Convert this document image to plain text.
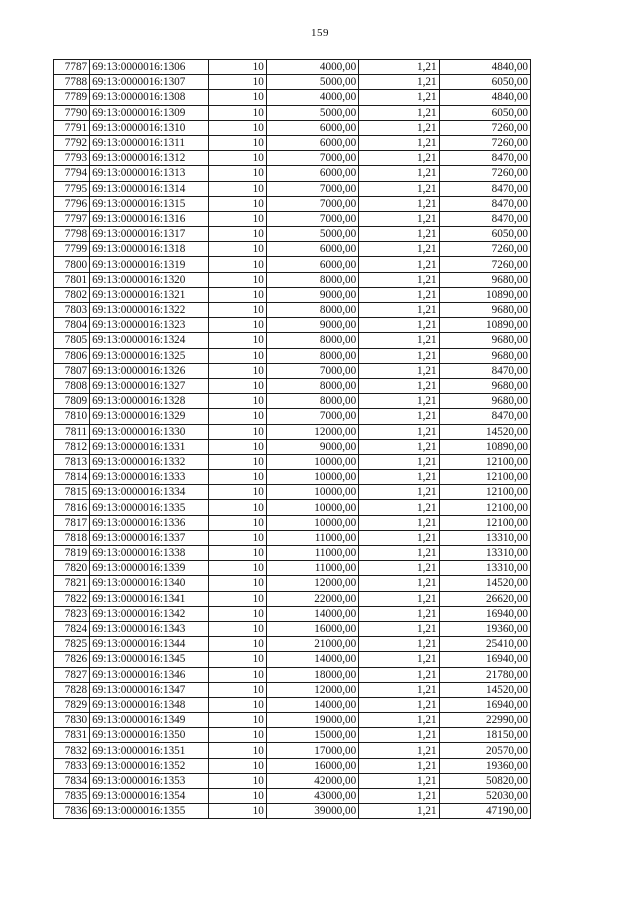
159
7787	69:13:0000016:1306	10	4000,00	1,21	4840,00
7788	69:13:0000016:1307	10	5000,00	1,21	6050,00
7789	69:13:0000016:1308	10	4000,00	1,21	4840,00
7790	69:13:0000016:1309	10	5000,00	1,21	6050,00
7791	69:13:0000016:1310	10	6000,00	1,21	7260,00
7792	69:13:0000016:1311	10	6000,00	1,21	7260,00
7793	69:13:0000016:1312	10	7000,00	1,21	8470,00
7794	69:13:0000016:1313	10	6000,00	1,21	7260,00
7795	69:13:0000016:1314	10	7000,00	1,21	8470,00
7796	69:13:0000016:1315	10	7000,00	1,21	8470,00
7797	69:13:0000016:1316	10	7000,00	1,21	8470,00
7798	69:13:0000016:1317	10	5000,00	1,21	6050,00
7799	69:13:0000016:1318	10	6000,00	1,21	7260,00
7800	69:13:0000016:1319	10	6000,00	1,21	7260,00
7801	69:13:0000016:1320	10	8000,00	1,21	9680,00
7802	69:13:0000016:1321	10	9000,00	1,21	10890,00
7803	69:13:0000016:1322	10	8000,00	1,21	9680,00
7804	69:13:0000016:1323	10	9000,00	1,21	10890,00
7805	69:13:0000016:1324	10	8000,00	1,21	9680,00
7806	69:13:0000016:1325	10	8000,00	1,21	9680,00
7807	69:13:0000016:1326	10	7000,00	1,21	8470,00
7808	69:13:0000016:1327	10	8000,00	1,21	9680,00
7809	69:13:0000016:1328	10	8000,00	1,21	9680,00
7810	69:13:0000016:1329	10	7000,00	1,21	8470,00
7811	69:13:0000016:1330	10	12000,00	1,21	14520,00
7812	69:13:0000016:1331	10	9000,00	1,21	10890,00
7813	69:13:0000016:1332	10	10000,00	1,21	12100,00
7814	69:13:0000016:1333	10	10000,00	1,21	12100,00
7815	69:13:0000016:1334	10	10000,00	1,21	12100,00
7816	69:13:0000016:1335	10	10000,00	1,21	12100,00
7817	69:13:0000016:1336	10	10000,00	1,21	12100,00
7818	69:13:0000016:1337	10	11000,00	1,21	13310,00
7819	69:13:0000016:1338	10	11000,00	1,21	13310,00
7820	69:13:0000016:1339	10	11000,00	1,21	13310,00
7821	69:13:0000016:1340	10	12000,00	1,21	14520,00
7822	69:13:0000016:1341	10	22000,00	1,21	26620,00
7823	69:13:0000016:1342	10	14000,00	1,21	16940,00
7824	69:13:0000016:1343	10	16000,00	1,21	19360,00
7825	69:13:0000016:1344	10	21000,00	1,21	25410,00
7826	69:13:0000016:1345	10	14000,00	1,21	16940,00
7827	69:13:0000016:1346	10	18000,00	1,21	21780,00
7828	69:13:0000016:1347	10	12000,00	1,21	14520,00
7829	69:13:0000016:1348	10	14000,00	1,21	16940,00
7830	69:13:0000016:1349	10	19000,00	1,21	22990,00
7831	69:13:0000016:1350	10	15000,00	1,21	18150,00
7832	69:13:0000016:1351	10	17000,00	1,21	20570,00
7833	69:13:0000016:1352	10	16000,00	1,21	19360,00
7834	69:13:0000016:1353	10	42000,00	1,21	50820,00
7835	69:13:0000016:1354	10	43000,00	1,21	52030,00
7836	69:13:0000016:1355	10	39000,00	1,21	47190,00
